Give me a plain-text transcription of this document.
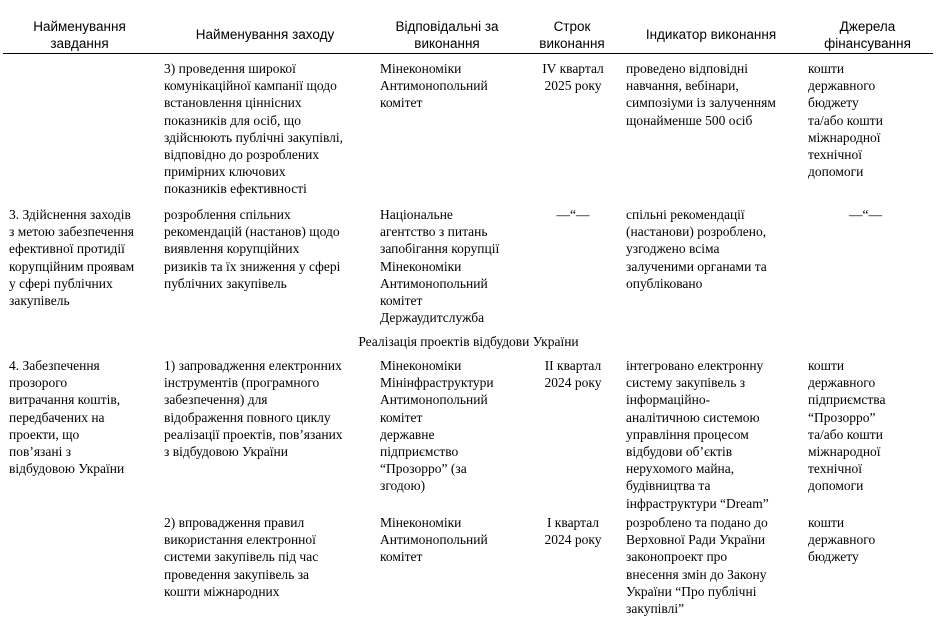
Найменування
завдання
Найменування заходу
Відповідальні за
виконання
Строк
виконання
Індикатор виконання
Джерела
фінансування
3) проведення широкої
комунікаційної кампанії щодо
встановлення ціннісних
показників для осіб, що
здійснюють публічні закупівлі,
відповідно до розроблених
примірних ключових
показників ефективності
Мінекономіки
Антимонопольний
комітет
IV квартал
2025 року
проведено відповідні
навчання, вебінари,
симпозіуми із залученням
щонайменше 500 осіб
кошти
державного
бюджету
та/або кошти
міжнародної
технічної
допомоги
3. Здійснення заходів
з метою забезпечення
ефективної протидії
корупційним проявам
у сфері публічних
закупівель
розроблення спільних
рекомендацій (настанов) щодо
виявлення корупційних
ризиків та їх зниження у сфері
публічних закупівель
Національне
агентство з питань
запобігання корупції
Мінекономіки
Антимонопольний
комітет
Держаудитслужба
—“—	спільні рекомендації
(настанови) розроблено,
узгоджено всіма
залученими органами та
опубліковано
—“—
Реалізація проектів відбудови України
4. Забезпечення
прозорого
витрачання коштів,
передбачених на
проекти, що
пов’язані з
відбудовою України
1) запровадження електронних
інструментів (програмного
забезпечення) для
відображення повного циклу
реалізації проектів, пов’язаних
з відбудовою України
Мінекономіки
Мінінфраструктури
Антимонопольний
комітет
державне
підприємство
“Прозорро” (за
згодою)
II квартал
2024 року
інтегровано електронну
систему закупівель з
інформаційно-
аналітичною системою
управління процесом
відбудови об’єктів
нерухомого майна,
будівництва та
інфраструктури “Dream”
кошти
державного
підприємства
“Прозорро”
та/або кошти
міжнародної
технічної
допомоги
2) впровадження правил
використання електронної
системи закупівель під час
проведення закупівель за
кошти міжнародних
Мінекономіки
Антимонопольний
комітет
I квартал
2024 року
розроблено та подано до
Верховної Ради України
законопроект про
внесення змін до Закону
України “Про публічні
закупівлі”
кошти
державного
бюджету
